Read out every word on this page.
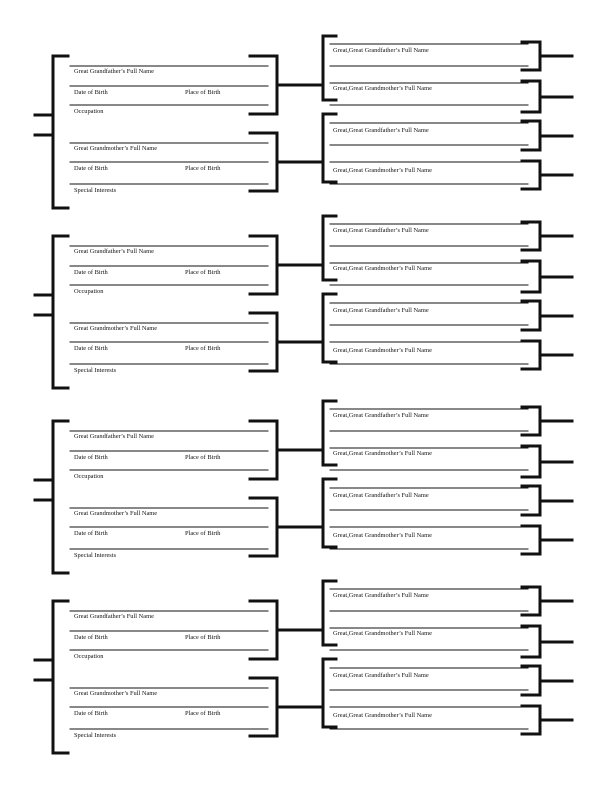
Great Grandfather’s Full Name
Date of Birth	Place of Birth
Occupation
Great Grandmother’s Full Name
Date of Birth	Place of Birth
Special Interests
Great,Great Grandfather’s Full Name
Great,Great Grandmother’s Full Name
Great,Great Grandfather’s Full Name
Great,Great Grandmother’s Full Name
Great Grandfather’s Full Name
Date of Birth	Place of Birth
Occupation
Great Grandmother’s Full Name
Date of Birth	Place of Birth
Special Interests
Great,Great Grandfather’s Full Name
Great,Great Grandmother’s Full Name
Great,Great Grandfather’s Full Name
Great,Great Grandmother’s Full Name
Great Grandfather’s Full Name
Date of Birth	Place of Birth
Occupation
Great Grandmother’s Full Name
Date of Birth	Place of Birth
Special Interests
Great,Great Grandfather’s Full Name
Great,Great Grandmother’s Full Name
Great,Great Grandfather’s Full Name
Great,Great Grandmother’s Full Name
Great Grandfather’s Full Name
Date of Birth	Place of Birth
Occupation
Great Grandmother’s Full Name
Date of Birth	Place of Birth
Special Interests
Great,Great Grandfather’s Full Name
Great,Great Grandmother’s Full Name
Great,Great Grandfather’s Full Name
Great,Great Grandmother’s Full Name
